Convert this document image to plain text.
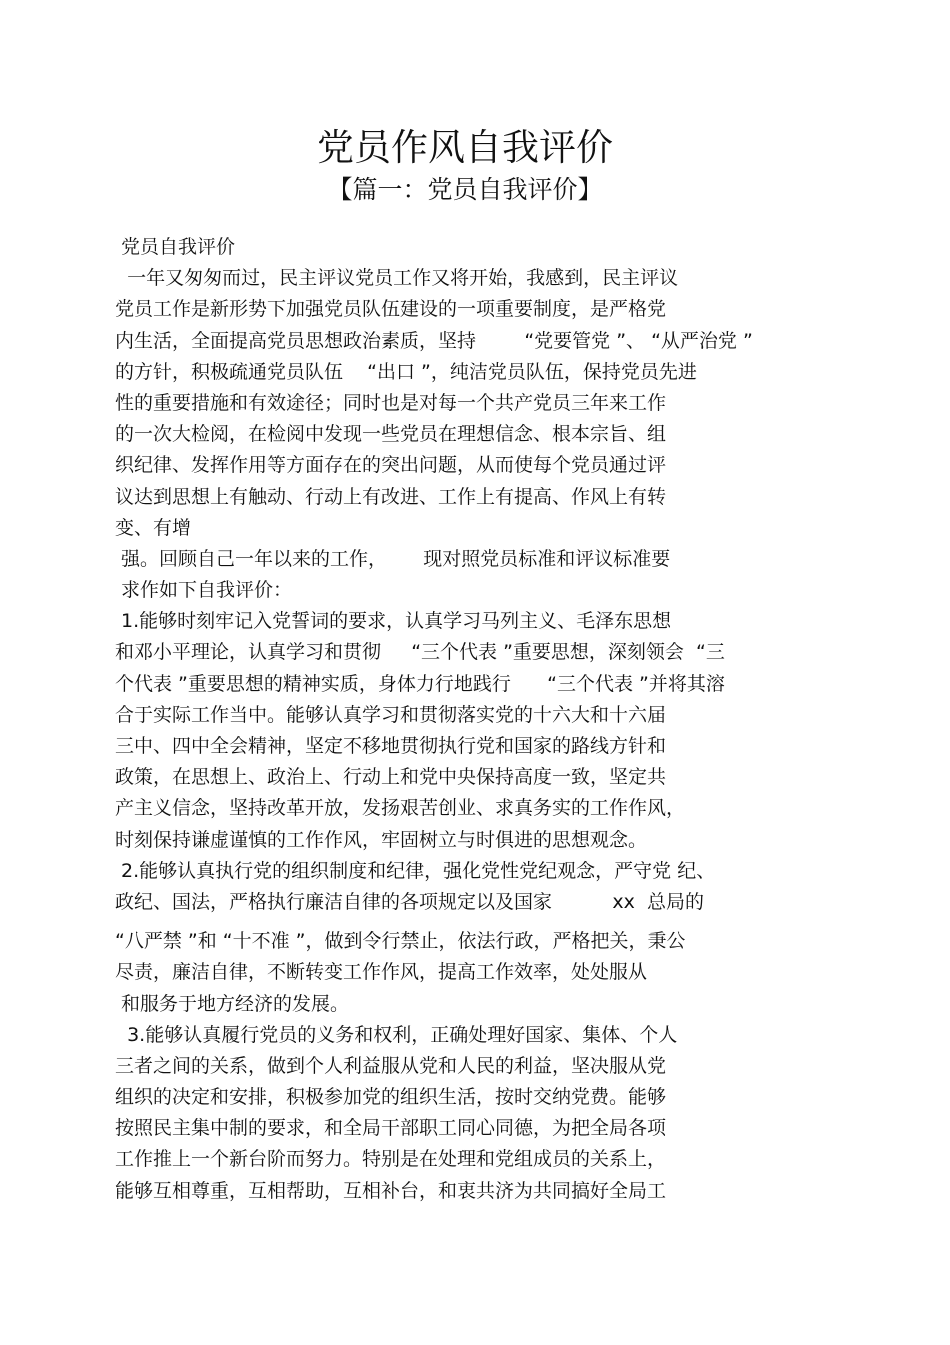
党员作风自我评价
【篇一：党员自我评价】
党员自我评价
一年又匆匆而过，民主评议党员工作又将开始，我感到，民主评议
党员工作是新形势下加强党员队伍建设的一项重要制度，是严格党
内生活，全面提高党员思想政治素质，坚持        “党要管党 ”、 “从严治党 ”
的方针，积极疏通党员队伍    “出口 ”，纯洁党员队伍，保持党员先进
性的重要措施和有效途径；同时也是对每一个共产党员三年来工作
的一次大检阅，在检阅中发现一些党员在理想信念、根本宗旨、组
织纪律、发挥作用等方面存在的突出问题，从而使每个党员通过评
议达到思想上有触动、行动上有改进、工作上有提高、作风上有转
变、有增
强。回顾自己一年以来的工作，      现对照党员标准和评议标准要
求作如下自我评价：
1.能够时刻牢记入党誓词的要求，认真学习马列主义、毛泽东思想
和邓小平理论，认真学习和贯彻     “三个代表 ”重要思想，深刻领会  “三
个代表 ”重要思想的精神实质，身体力行地践行      “三个代表 ”并将其溶
合于实际工作当中。能够认真学习和贯彻落实党的十六大和十六届
三中、四中全会精神，坚定不移地贯彻执行党和国家的路线方针和
政策，在思想上、政治上、行动上和党中央保持高度一致，坚定共
产主义信念，坚持改革开放，发扬艰苦创业、求真务实的工作作风，
时刻保持谦虚谨慎的工作作风，牢固树立与时俱进的思想观念。
2.能够认真执行党的组织制度和纪律，强化党性党纪观念，严守党 纪、
政纪、国法，严格执行廉洁自律的各项规定以及国家          xx  总局的
“八严禁 ”和 “十不准 ”，做到令行禁止，依法行政，严格把关，秉公
尽责，廉洁自律，不断转变工作作风，提高工作效率，处处服从
和服务于地方经济的发展。
3.能够认真履行党员的义务和权利，正确处理好国家、集体、个人
三者之间的关系，做到个人利益服从党和人民的利益，坚决服从党
组织的决定和安排，积极参加党的组织生活，按时交纳党费。能够
按照民主集中制的要求，和全局干部职工同心同德，为把全局各项
工作推上一个新台阶而努力。特别是在处理和党组成员的关系上，
能够互相尊重，互相帮助，互相补台，和衷共济为共同搞好全局工
